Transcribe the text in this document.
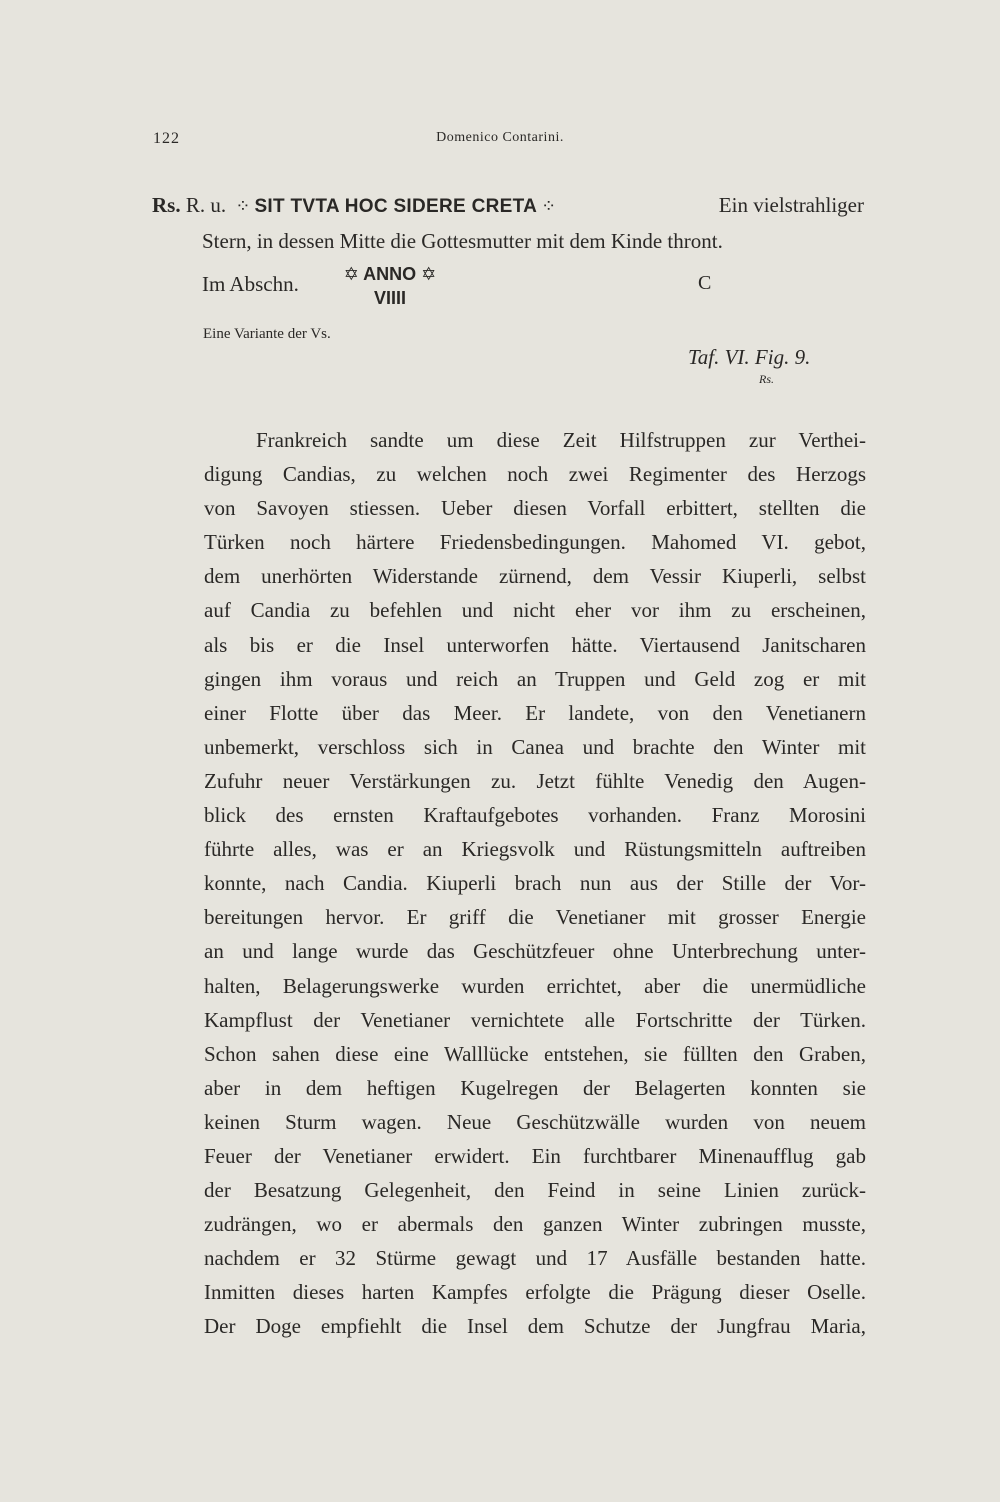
122	Domenico Contarini.
Rs. R. u. ⁘ SIT TVTA HOC SIDERE CRETA ⁘	Ein vielstrahliger
Stern, in dessen Mitte die Gottesmutter mit dem Kinde thront.
Im Abschn.	✡ ANNO ✡
VIIII
C
Eine Variante der Vs.
Taf. VI. Fig. 9.
Rs.
Frankreich sandte um diese Zeit Hilfstruppen zur Verthei-
digung Candias, zu welchen noch zwei Regimenter des Herzogs
von Savoyen stiessen. Ueber diesen Vorfall erbittert, stellten die
Türken noch härtere Friedensbedingungen. Mahomed VI. gebot,
dem unerhörten Widerstande zürnend, dem Vessir Kiuperli, selbst
auf Candia zu befehlen und nicht eher vor ihm zu erscheinen,
als bis er die Insel unterworfen hätte. Viertausend Janitscharen
gingen ihm voraus und reich an Truppen und Geld zog er mit
einer Flotte über das Meer. Er landete, von den Venetianern
unbemerkt, verschloss sich in Canea und brachte den Winter mit
Zufuhr neuer Verstärkungen zu. Jetzt fühlte Venedig den Augen-
blick des ernsten Kraftaufgebotes vorhanden. Franz Morosini
führte alles, was er an Kriegsvolk und Rüstungsmitteln auftreiben
konnte, nach Candia. Kiuperli brach nun aus der Stille der Vor-
bereitungen hervor. Er griff die Venetianer mit grosser Energie
an und lange wurde das Geschützfeuer ohne Unterbrechung unter-
halten, Belagerungswerke wurden errichtet, aber die unermüdliche
Kampflust der Venetianer vernichtete alle Fortschritte der Türken.
Schon sahen diese eine Walllücke entstehen, sie füllten den Graben,
aber in dem heftigen Kugelregen der Belagerten konnten sie
keinen Sturm wagen. Neue Geschützwälle wurden von neuem
Feuer der Venetianer erwidert. Ein furchtbarer Minenaufflug gab
der Besatzung Gelegenheit, den Feind in seine Linien zurück-
zudrängen, wo er abermals den ganzen Winter zubringen musste,
nachdem er 32 Stürme gewagt und 17 Ausfälle bestanden hatte.
Inmitten dieses harten Kampfes erfolgte die Prägung dieser Oselle.
Der Doge empfiehlt die Insel dem Schutze der Jungfrau Maria,
